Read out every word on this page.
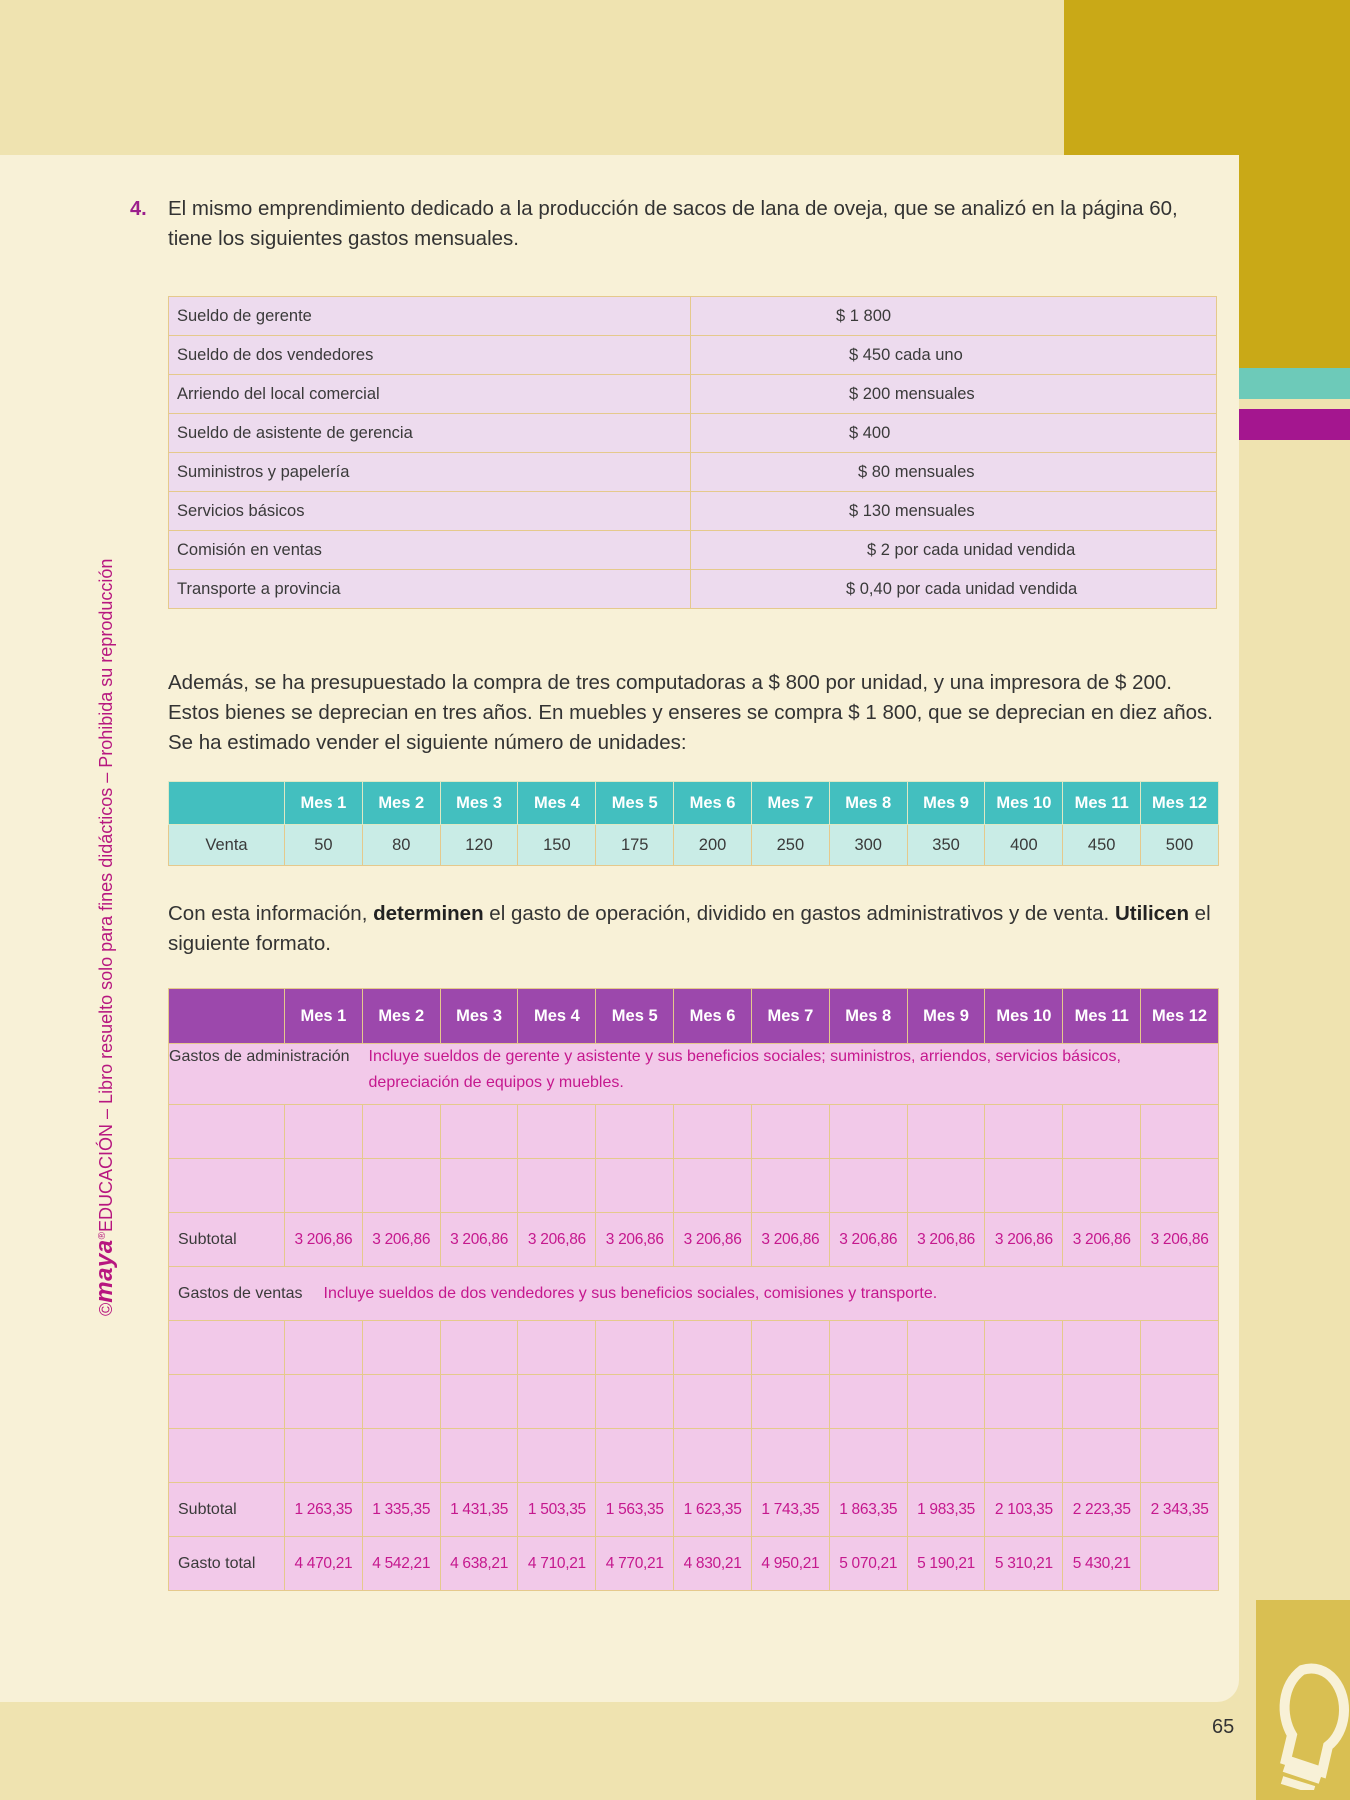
65
©maya®EDUCACIÓN – Libro resuelto solo para fines didácticos – Prohibida su reproducción
4. El mismo emprendimiento dedicado a la producción de sacos de lana de oveja, que se analizó en la página 60, tiene los siguientes gastos mensuales.
Sueldo de gerente	$ 1 800
Sueldo de dos vendedores	$ 450 cada uno
Arriendo del local comercial	$ 200 mensuales
Sueldo de asistente de gerencia	$ 400
Suministros y papelería	$ 80 mensuales
Servicios básicos	$ 130 mensuales
Comisión en ventas	$ 2 por cada unidad vendida
Transporte a provincia	$ 0,40 por cada unidad vendida
Además, se ha presupuestado la compra de tres computadoras a $ 800 por unidad, y una impresora de $ 200. Estos bienes se deprecian en tres años. En muebles y enseres se compra $ 1 800, que se deprecian en diez años. Se ha estimado vender el siguiente número de unidades:
	Mes 1	Mes 2	Mes 3	Mes 4	Mes 5	Mes 6	Mes 7	Mes 8	Mes 9	Mes 10	Mes 11	Mes 12
Venta	50	80	120	150	175	200	250	300	350	400	450	500
Con esta información, determinen el gasto de operación, dividido en gastos administrativos y de venta. Utilicen el siguiente formato.
	Mes 1	Mes 2	Mes 3	Mes 4	Mes 5	Mes 6	Mes 7	Mes 8	Mes 9	Mes 10	Mes 11	Mes 12
Gastos de administración Incluye sueldos de gerente y asistente y sus beneficios sociales; suministros, arriendos, servicios básicos, depreciación de equipos y muebles.												

Subtotal	3 206,86	3 206,86	3 206,86	3 206,86	3 206,86	3 206,86	3 206,86	3 206,86	3 206,86	3 206,86	3 206,86	3 206,86
Gastos de ventas Incluye sueldos de dos vendedores y sus beneficios sociales, comisiones y transporte.												

Subtotal	1 263,35	1 335,35	1 431,35	1 503,35	1 563,35	1 623,35	1 743,35	1 863,35	1 983,35	2 103,35	2 223,35	2 343,35
Gasto total	4 470,21	4 542,21	4 638,21	4 710,21	4 770,21	4 830,21	4 950,21	5 070,21	5 190,21	5 310,21	5 430,21	
